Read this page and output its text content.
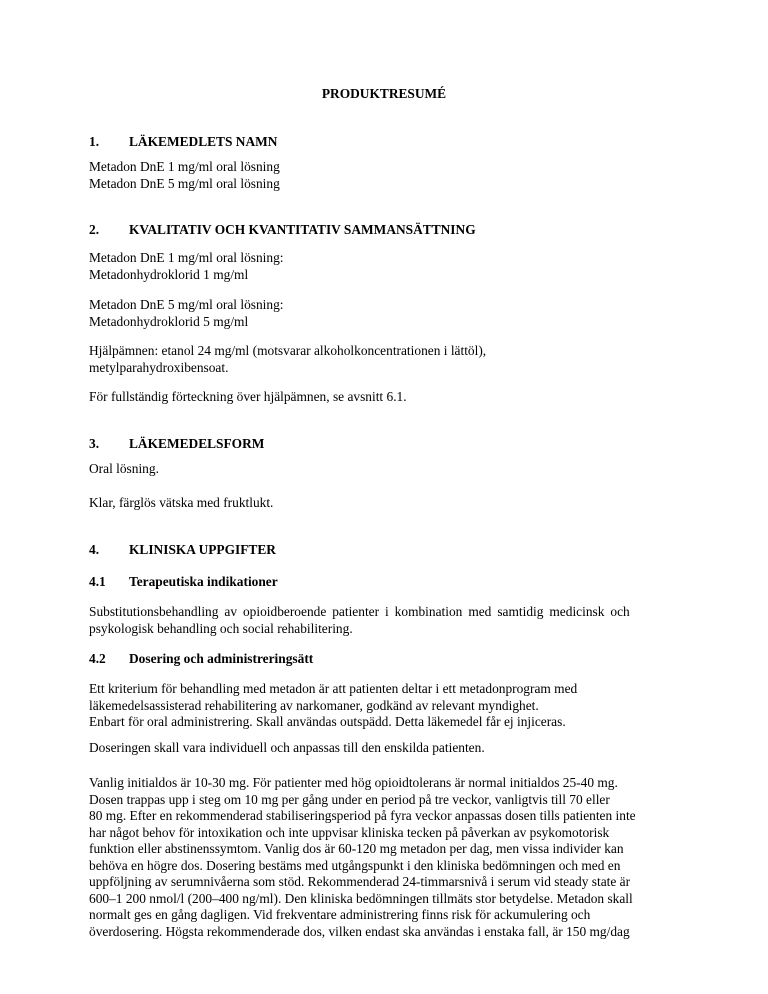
PRODUKTRESUMÉ
1. LÄKEMEDLETS NAMN
Metadon DnE 1 mg/ml oral lösning
Metadon DnE 5 mg/ml oral lösning
2. KVALITATIV OCH KVANTITATIV SAMMANSÄTTNING
Metadon DnE 1 mg/ml oral lösning:
Metadonhydroklorid 1 mg/ml
Metadon DnE 5 mg/ml oral lösning:
Metadonhydroklorid 5 mg/ml
Hjälpämnen: etanol 24 mg/ml (motsvarar alkoholkoncentrationen i lättöl),
metylparahydroxibensoat.
För fullständig förteckning över hjälpämnen, se avsnitt 6.1.
3. LÄKEMEDELSFORM
Oral lösning.
Klar, färglös vätska med fruktlukt.
4. KLINISKA UPPGIFTER
4.1 Terapeutiska indikationer
Substitutionsbehandling av opioidberoende patienter i kombination med samtidig medicinsk och
psykologisk behandling och social rehabilitering.
4.2 Dosering och administreringsätt
Ett kriterium för behandling med metadon är att patienten deltar i ett metadonprogram med
läkemedelsassisterad rehabilitering av narkomaner, godkänd av relevant myndighet.
Enbart för oral administrering. Skall användas outspädd. Detta läkemedel får ej injiceras.
Doseringen skall vara individuell och anpassas till den enskilda patienten.
Vanlig initialdos är 10-30 mg. För patienter med hög opioidtolerans är normal initialdos 25-40 mg.
Dosen trappas upp i steg om 10 mg per gång under en period på tre veckor, vanligtvis till 70 eller
80 mg. Efter en rekommenderad stabiliseringsperiod på fyra veckor anpassas dosen tills patienten inte
har något behov för intoxikation och inte uppvisar kliniska tecken på påverkan av psykomotorisk
funktion eller abstinenssymtom. Vanlig dos är 60-120 mg metadon per dag, men vissa individer kan
behöva en högre dos. Dosering bestäms med utgångspunkt i den kliniska bedömningen och med en
uppföljning av serumnivåerna som stöd. Rekommenderad 24-timmarsnivå i serum vid steady state är
600–1 200 nmol/l (200–400 ng/ml). Den kliniska bedömningen tillmäts stor betydelse. Metadon skall
normalt ges en gång dagligen. Vid frekventare administrering finns risk för ackumulering och
överdosering. Högsta rekommenderade dos, vilken endast ska användas i enstaka fall, är 150 mg/dag
